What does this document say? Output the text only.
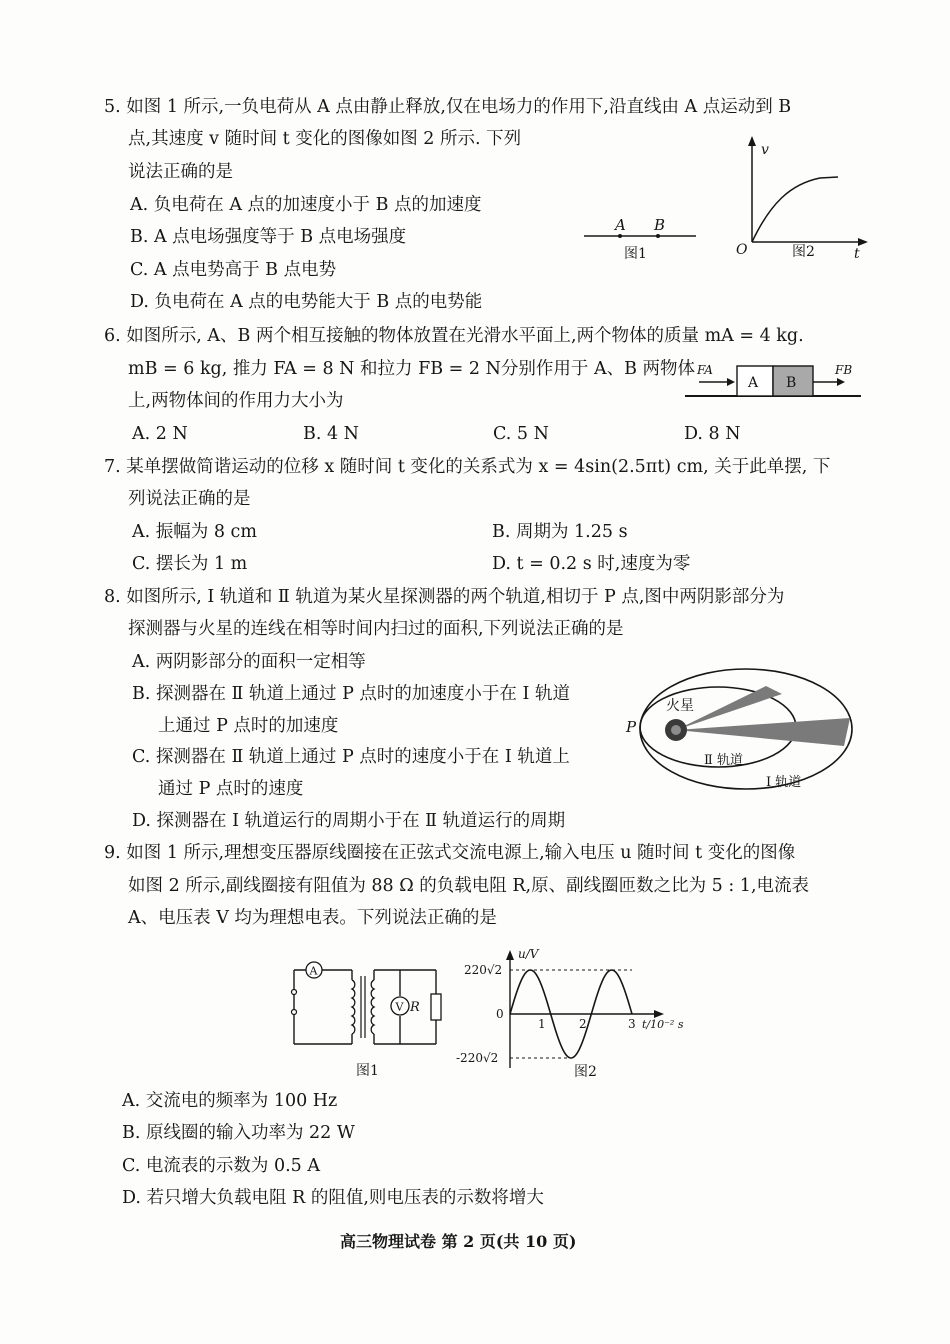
5. 如图 1 所示,一负电荷从 A 点由静止释放,仅在电场力的作用下,沿直线由 A 点运动到 B
点,其速度 v 随时间 t 变化的图像如图 2 所示. 下列
说法正确的是
A. 负电荷在 A 点的加速度小于 B 点的加速度
B. A 点电场强度等于 B 点电场强度
C. A 点电势高于 B 点电势
D. 负电荷在 A 点的电势能大于 B 点的电势能
A B
图1
v
O	图2	t
6. 如图所示, A、B 两个相互接触的物体放置在光滑水平面上,两个物体的质量 mA = 4 kg.
mB = 6 kg, 推力 FA = 8 N 和拉力 FB = 2 N分别作用于 A、B 两物体
上,两物体间的作用力大小为
A. 2 N	B. 4 N	C. 5 N	D. 8 N
FA
A B
FB
7. 某单摆做简谐运动的位移 x 随时间 t 变化的关系式为 x = 4sin(2.5πt) cm, 关于此单摆, 下
列说法正确的是
A. 振幅为 8 cm	B. 周期为 1.25 s
C. 摆长为 1 m	D. t = 0.2 s 时,速度为零
8. 如图所示, Ⅰ 轨道和 Ⅱ 轨道为某火星探测器的两个轨道,相切于 P 点,图中两阴影部分为
探测器与火星的连线在相等时间内扫过的面积,下列说法正确的是
A. 两阴影部分的面积一定相等
B. 探测器在 Ⅱ 轨道上通过 P 点时的加速度小于在 Ⅰ 轨道
上通过 P 点时的加速度
C. 探测器在 Ⅱ 轨道上通过 P 点时的速度小于在 Ⅰ 轨道上
通过 P 点时的速度
D. 探测器在 Ⅰ 轨道运行的周期小于在 Ⅱ 轨道运行的周期
火星
P
Ⅱ 轨道
Ⅰ 轨道
9. 如图 1 所示,理想变压器原线圈接在正弦式交流电源上,输入电压 u 随时间 t 变化的图像
如图 2 所示,副线圈接有阻值为 88 Ω 的负载电阻 R,原、副线圈匝数之比为 5 : 1,电流表
A、电压表 V 均为理想电表。下列说法正确的是
A
V R
图1
u/V
220√2
0
-220√2
1	2	3 t/10⁻² s
图2
A. 交流电的频率为 100 Hz
B. 原线圈的输入功率为 22 W
C. 电流表的示数为 0.5 A
D. 若只增大负载电阻 R 的阻值,则电压表的示数将增大
高三物理试卷 第 2 页(共 10 页)
